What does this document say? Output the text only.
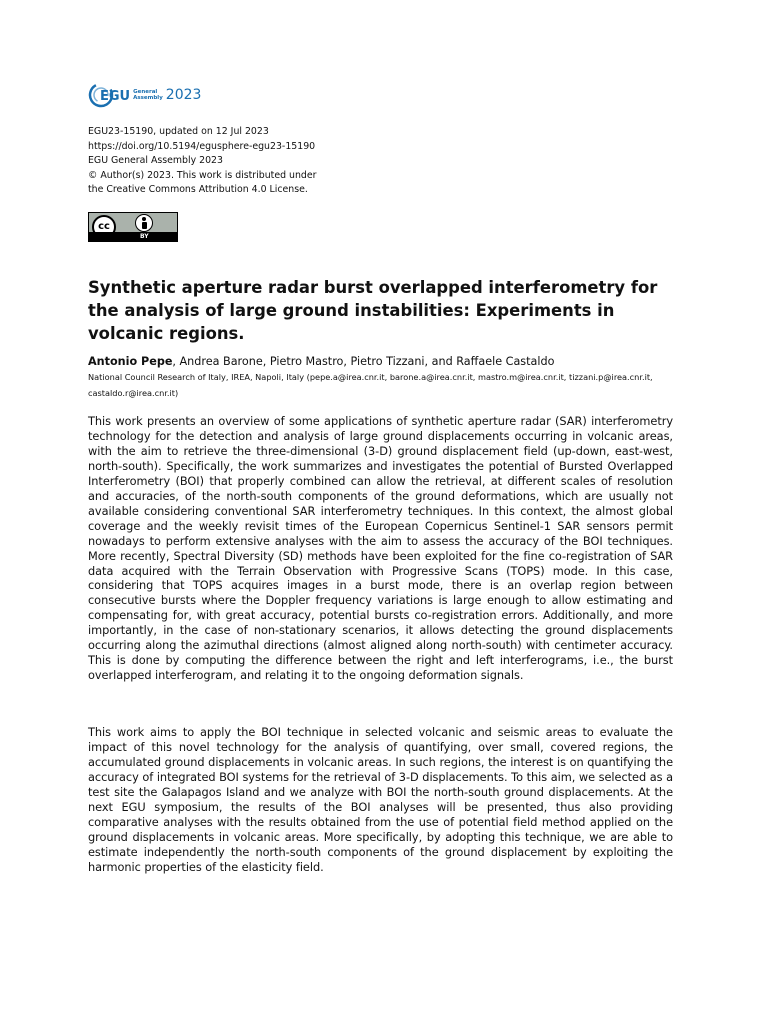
EGU General
Assembly 2023
EGU23-15190, updated on 12 Jul 2023
https://doi.org/10.5194/egusphere-egu23-15190
EGU General Assembly 2023
© Author(s) 2023. This work is distributed under
the Creative Commons Attribution 4.0 License.
cc
BY
Synthetic aperture radar burst overlapped interferometry for the analysis of large ground instabilities: Experiments in volcanic regions.
Antonio Pepe, Andrea Barone, Pietro Mastro, Pietro Tizzani, and Raffaele Castaldo
National Council Research of Italy, IREA, Napoli, Italy (pepe.a@irea.cnr.it, barone.a@irea.cnr.it, mastro.m@irea.cnr.it, tizzani.p@irea.cnr.it, castaldo.r@irea.cnr.it)
This work presents an overview of some applications of synthetic aperture radar (SAR) interferometry technology for the detection and analysis of large ground displacements occurring in volcanic areas, with the aim to retrieve the three-dimensional (3-D) ground displacement field (up-down, east-west, north-south). Specifically, the work summarizes and investigates the potential of Bursted Overlapped Interferometry (BOI) that properly combined can allow the retrieval, at different scales of resolution and accuracies, of the north-south components of the ground deformations, which are usually not available considering conventional SAR interferometry techniques. In this context, the almost global coverage and the weekly revisit times of the European Copernicus Sentinel-1 SAR sensors permit nowadays to perform extensive analyses with the aim to assess the accuracy of the BOI techniques. More recently, Spectral Diversity (SD) methods have been exploited for the fine co-registration of SAR data acquired with the Terrain Observation with Progressive Scans (TOPS) mode. In this case, considering that TOPS acquires images in a burst mode, there is an overlap region between consecutive bursts where the Doppler frequency variations is large enough to allow estimating and compensating for, with great accuracy, potential bursts co-registration errors. Additionally, and more importantly, in the case of non-stationary scenarios, it allows detecting the ground displacements occurring along the azimuthal directions (almost aligned along north-south) with centimeter accuracy. This is done by computing the difference between the right and left interferograms, i.e., the burst overlapped interferogram, and relating it to the ongoing deformation signals.
This work aims to apply the BOI technique in selected volcanic and seismic areas to evaluate the impact of this novel technology for the analysis of quantifying, over small, covered regions, the accumulated ground displacements in volcanic areas. In such regions, the interest is on quantifying the accuracy of integrated BOI systems for the retrieval of 3-D displacements. To this aim, we selected as a test site the Galapagos Island and we analyze with BOI the north-south ground displacements. At the next EGU symposium, the results of the BOI analyses will be presented, thus also providing comparative analyses with the results obtained from the use of potential field method applied on the ground displacements in volcanic areas. More specifically, by adopting this technique, we are able to estimate independently the north-south components of the ground displacement by exploiting the harmonic properties of the elasticity field.
